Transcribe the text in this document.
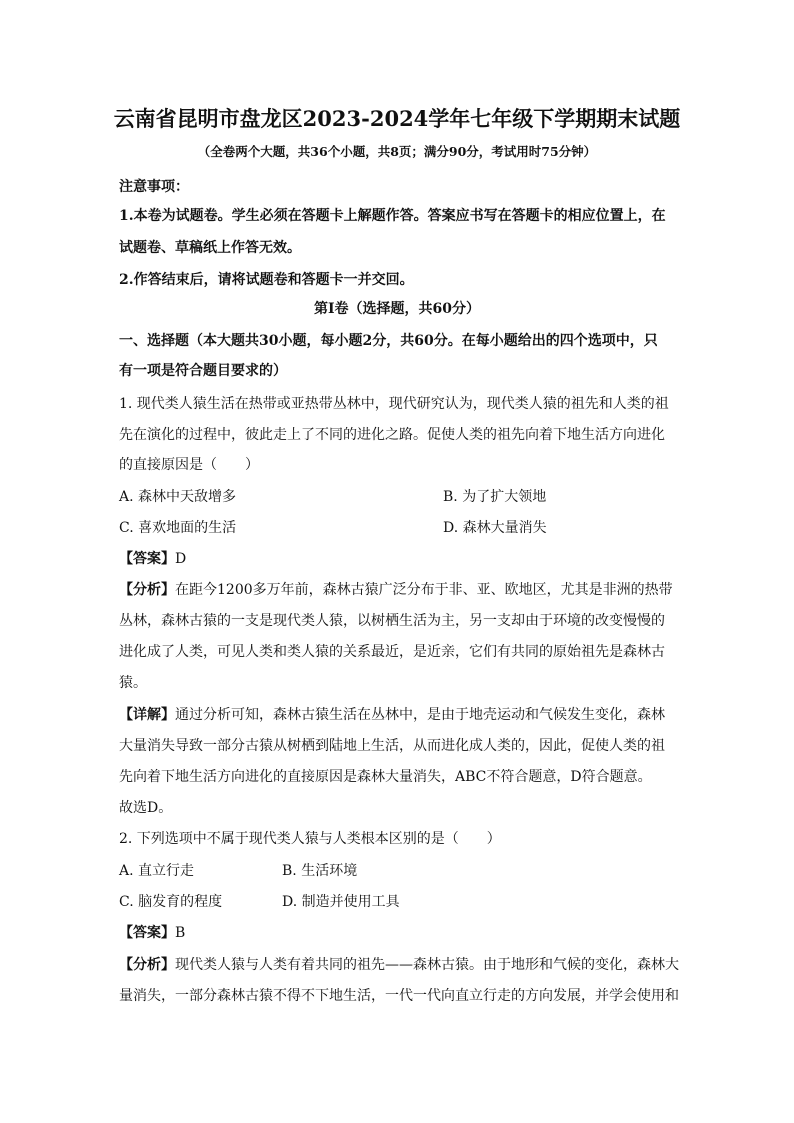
云南省昆明市盘龙区2023-2024学年七年级下学期期末试题
（全卷两个大题，共36个小题，共8页；满分90分，考试用时75分钟）
注意事项：
1.本卷为试题卷。学生必须在答题卡上解题作答。答案应书写在答题卡的相应位置上，在
试题卷、草稿纸上作答无效。
2.作答结束后，请将试题卷和答题卡一并交回。
第Ⅰ卷（选择题，共60分）
一、选择题（本大题共30小题，每小题2分，共60分。在每小题给出的四个选项中，只
有一项是符合题目要求的）
1. 现代类人猿生活在热带或亚热带丛林中，现代研究认为，现代类人猿的祖先和人类的祖
先在演化的过程中，彼此走上了不同的进化之路。促使人类的祖先向着下地生活方向进化
的直接原因是（　　）
A. 森林中天敌增多	B. 为了扩大领地
C. 喜欢地面的生活	D. 森林大量消失
【答案】D
【分析】在距今1200多万年前，森林古猿广泛分布于非、亚、欧地区，尤其是非洲的热带
丛林，森林古猿的一支是现代类人猿，以树栖生活为主，另一支却由于环境的改变慢慢的
进化成了人类，可见人类和类人猿的关系最近，是近亲，它们有共同的原始祖先是森林古
猿。
【详解】通过分析可知，森林古猿生活在丛林中，是由于地壳运动和气候发生变化，森林
大量消失导致一部分古猿从树栖到陆地上生活，从而进化成人类的，因此，促使人类的祖
先向着下地生活方向进化的直接原因是森林大量消失，ABC不符合题意，D符合题意。
故选D。
2. 下列选项中不属于现代类人猿与人类根本区别的是（　　）
A. 直立行走	B. 生活环境
C. 脑发育的程度	D. 制造并使用工具
【答案】B
【分析】现代类人猿与人类有着共同的祖先——森林古猿。由于地形和气候的变化，森林大
量消失，一部分森林古猿不得不下地生活，一代一代向直立行走的方向发展，并学会使用和
